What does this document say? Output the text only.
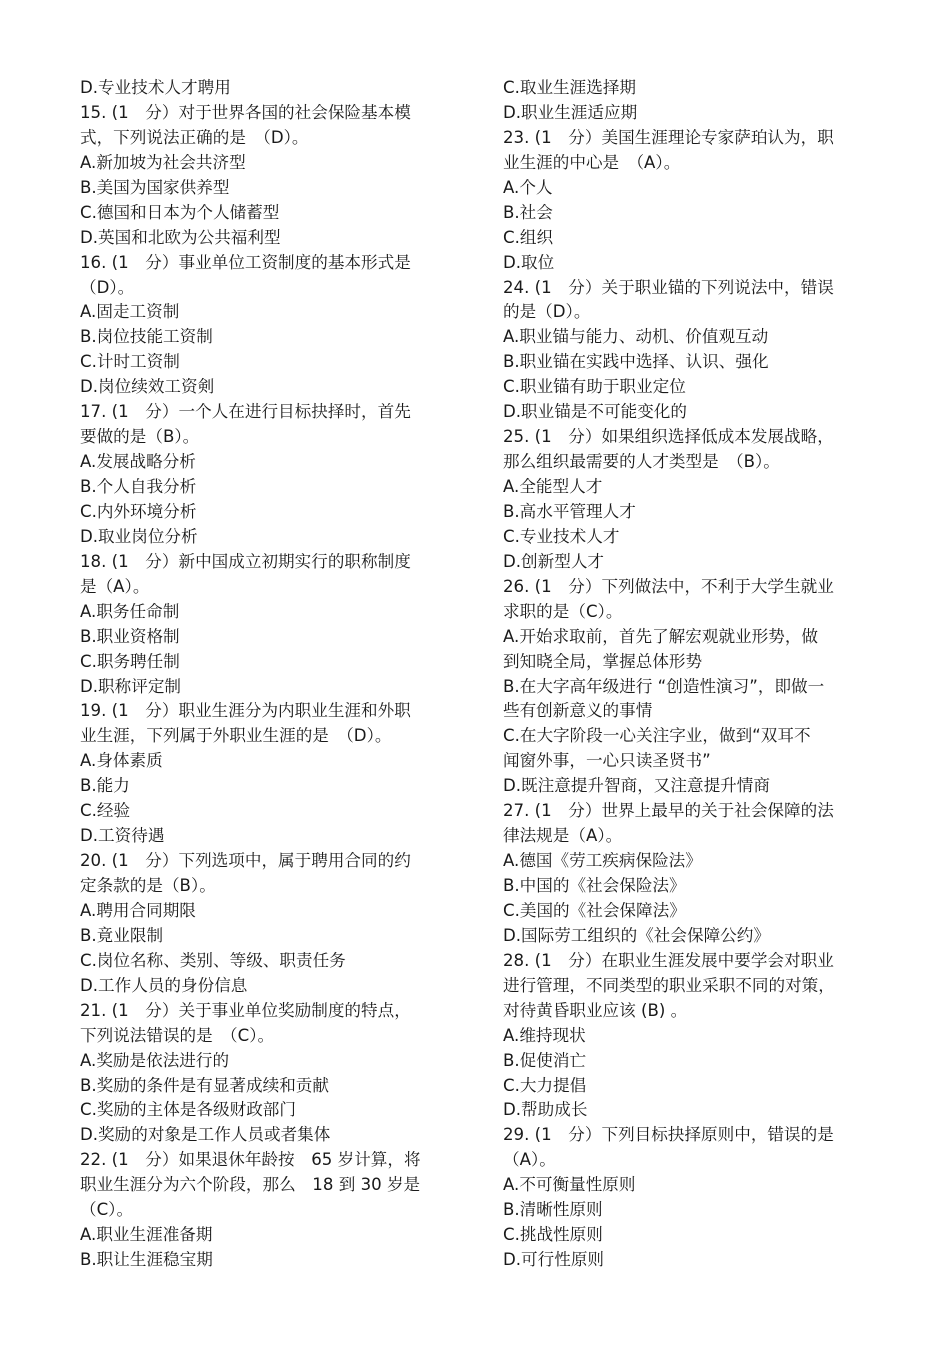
D.专业技术人才聘用
15. (1　分）对于世界各国的社会保险基本模
式，下列说法正确的是　（D）。
A.新加坡为社会共济型
B.美国为国家供养型
C.德国和日本为个人储蓄型
D.英国和北欧为公共福利型
16. (1　分）事业单位工资制度的基本形式是
（D）。
A.固走工资制
B.岗位技能工资制
C.计时工资制
D.岗位续效工资剣
17. (1　分）一个人在进行目标抉择时，首先
要做的是（B）。
A.发展战略分析
B.个人自我分析
C.内外环境分析
D.取业岗位分析
18. (1　分）新中国成立初期实行的职称制度
是（A）。
A.职务任命制
B.职业资格制
C.职务聘任制
D.职称评定制
19. (1　分）职业生涯分为内职业生涯和外职
业生涯，下列属于外职业生涯的是　（D）。
A.身体素质
B.能力
C.经验
D.工资待遇
20. (1　分）下列选项中，属于聘用合同的约
定条款的是（B）。
A.聘用合同期限
B.竟业限制
C.岗位名称、类别、等级、职责任务
D.工作人员的身份信息
21. (1　分）关于事业单位奖励制度的特点，
下列说法错误的是　（C）。
A.奖励是依法进行的
B.奖励的条件是有显著成续和贡献
C.奖励的主体是各级财政部门
D.奖励的对象是工作人员或者集体
22. (1　分）如果退休年龄按　65 岁计算，将
职业生涯分为六个阶段，那么　18 到 30 岁是
（C）。
A.职业生涯准备期
B.职让生涯稳宝期
C.取业生涯选择期
D.职业生涯适应期
23. (1　分）美国生涯理论专家萨珀认为，职
业生涯的中心是　（A）。
A.个人
B.社会
C.组织
D.取位
24. (1　分）关于职业锚的下列说法中，错误
的是（D）。
A.职业锚与能力、动机、价值观互动
B.职业锚在实践中选择、认识、强化
C.职业锚有助于职业定位
D.职业锚是不可能变化的
25. (1　分）如果组织选择低成本发展战略，
那么组织最需要的人才类型是　（B）。
A.全能型人才
B.高水平管理人才
C.专业技术人才
D.创新型人才
26. (1　分）下列做法中，不利于大学生就业
求职的是（C）。
A.开始求取前，首先了解宏观就业形势，做
到知晓全局，掌握总体形势
B.在大字高年级进行 “创造性演习”，即做一
些有创新意义的事情
C.在大字阶段一心关注字业，做到“双耳不
闻窗外事，一心只读圣贤书”
D.既注意提升智商，又注意提升情商
27. (1　分）世界上最早的关于社会保障的法
律法规是（A）。
A.德国《劳工疾病保险法》
B.中国的《社会保险法》
C.美国的《社会保障法》
D.国际劳工组织的《社会保障公约》
28. (1　分）在职业生涯发展中要学会对职业
进行管理，不同类型的职业采职不同的对策，
对待黄昏职业应该 (B) 。
A.维持现状
B.促使消亡
C.大力提倡
D.帮助成长
29. (1　分）下列目标抉择原则中，错误的是
（A）。
A.不可衡量性原则
B.清晰性原则
C.挑战性原则
D.可行性原则
